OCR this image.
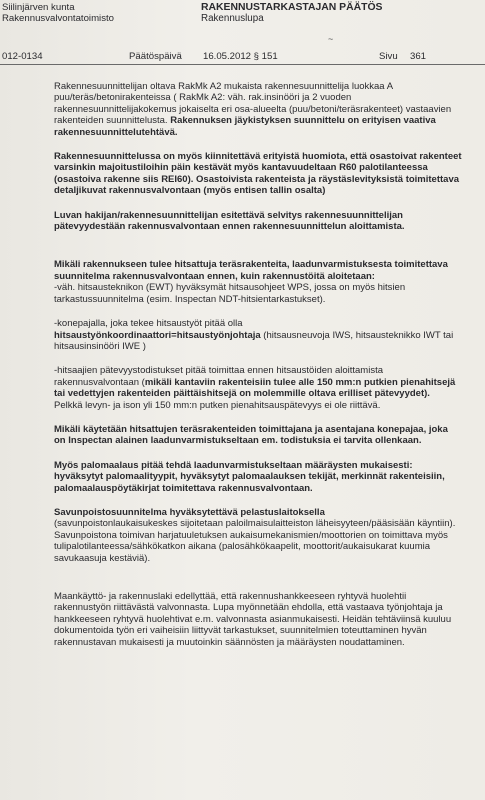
Siilinjärven kunta
Rakennusvalvontatoimisto
RAKENNUSTARKASTAJAN PÄÄTÖS
Rakennuslupa
~
012-0134	Päätöspäivä 16.05.2012 § 151	Sivu 361

Rakennesuunnittelijan oltava RakMk A2 mukaista rakennesuunnittelija luokkaa A puu/teräs/betonirakenteissa ( RakMk A2: väh. rak.insinööri ja 2 vuoden rakennesuunnittelijakokemus jokaiselta eri osa-alueelta (puu/betoni/teräsrakenteet) vastaavien rakenteiden suunnittelusta. Rakennuksen jäykistyksen suunnittelu on erityisen vaativa rakennesuunnittelutehtävä.

Rakennesuunnittelussa on myös kiinnitettävä erityistä huomiota, että osastoivat rakenteet varsinkin majoitustiloihin päin kestävät myös kantavuudeltaan R60 palotilanteessa (osastoiva rakenne siis REI60). Osastoivista rakenteista ja räystäslevityksistä toimitettava detaljikuvat rakennusvalvontaan (myös entisen tallin osalta)

Luvan hakijan/rakennesuunnittelijan esitettävä selvitys rakennesuunnittelijan pätevyydestään rakennusvalvontaan ennen rakennesuunnittelun aloittamista.

Mikäli rakennukseen tulee hitsattuja teräsrakenteita, laadunvarmistuksesta toimitettava suunnitelma rakennusvalvontaan ennen, kuin rakennustöitä aloitetaan:
-väh. hitsausteknikon (EWT) hyväksymät hitsausohjeet WPS, jossa on myös hitsien tarkastussuunnitelma (esim. Inspectan NDT-hitsientarkastukset).

-konepajalla, joka tekee hitsaustyöt pitää olla
hitsaustyönkoordinaattori=hitsaustyönjohtaja (hitsausneuvoja IWS, hitsausteknikko IWT tai hitsausinsinööri IWE )

-hitsaajien pätevyystodistukset pitää toimittaa ennen hitsaustöiden aloittamista rakennusvalvontaan (mikäli kantaviin rakenteisiin tulee alle 150 mm:n putkien pienahitsejä tai vedettyjen rakenteiden päittäishitsejä on molemmille oltava erilliset pätevyydet).
Pelkkä levyn- ja ison yli 150 mm:n putken pienahitsauspätevyys ei ole riittävä.

Mikäli käytetään hitsattujen teräsrakenteiden toimittajana ja asentajana konepajaa, joka on Inspectan alainen laadunvarmistukseltaan em. todistuksia ei tarvita ollenkaan.

Myös palomaalaus pitää tehdä laadunvarmistukseltaan määräysten mukaisesti: hyväksytyt palomaalityypit, hyväksytyt palomaalauksen tekijät, merkinnät rakenteisiin, palomaalauspöytäkirjat toimitettava rakennusvalvontaan.

Savunpoistosuunnitelma hyväksytettävä pelastuslaitoksella
(savunpoistonlaukaisukeskes sijoitetaan paloilmaisulaitteiston läheisyyteen/pääsisään käyntiin). Savunpoistona toimivan harjatuuletuksen aukaisumekanismien/moottorien on toimittava myös tulipalotilanteessa/sähkökatkon aikana (palosähkökaapelit, moottorit/aukaisukarat kuumia savukaasuja kestäviä).

Maankäyttö- ja rakennuslaki edellyttää, että rakennushankkeeseen ryhtyvä huolehtii rakennustyön riittävästä valvonnasta. Lupa myönnetään ehdolla, että vastaava työnjohtaja ja hankkeeseen ryhtyvä huolehtivat e.m. valvonnasta asianmukaisesti. Heidän tehtäviinsä kuuluu dokumentoida työn eri vaiheisiin liittyvät tarkastukset, suunnitelmien toteuttaminen hyvän rakennustavan mukaisesti ja muutoinkin säännösten ja määräysten noudattaminen.
